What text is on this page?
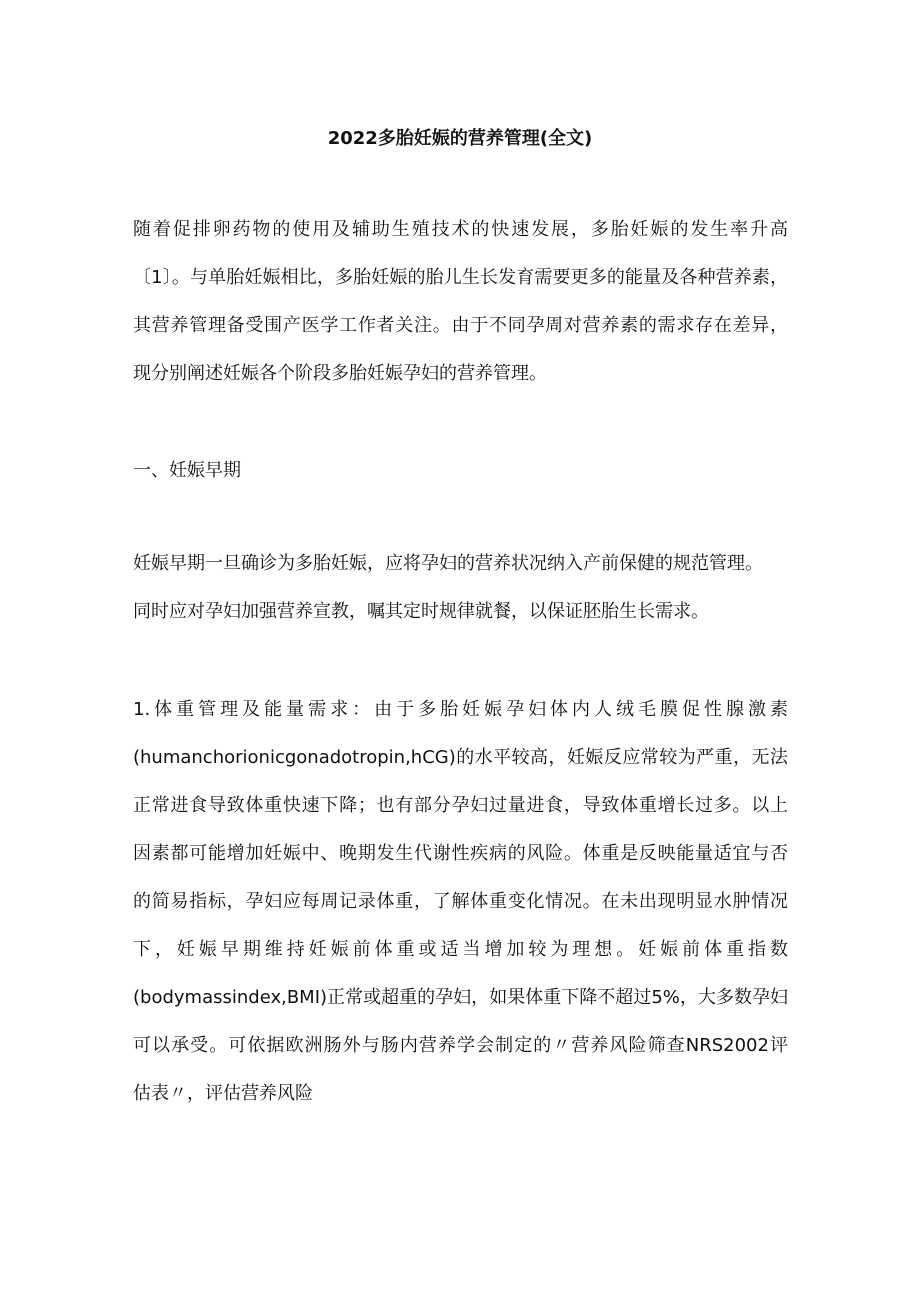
2022多胎妊娠的营养管理(全文)
随着促排卵药物的使用及辅助生殖技术的快速发展，多胎妊娠的发生率升高
〔1〕。与单胎妊娠相比，多胎妊娠的胎儿生长发育需要更多的能量及各种营养素，
其营养管理备受围产医学工作者关注。由于不同孕周对营养素的需求存在差异，
现分别阐述妊娠各个阶段多胎妊娠孕妇的营养管理。
一、妊娠早期
妊娠早期一旦确诊为多胎妊娠，应将孕妇的营养状况纳入产前保健的规范管理。
同时应对孕妇加强营养宣教，嘱其定时规律就餐，以保证胚胎生长需求。
1.体重管理及能量需求：由于多胎妊娠孕妇体内人绒毛膜促性腺激素
(humanchorionicgonadotropin,hCG)的水平较高，妊娠反应常较为严重，无法
正常进食导致体重快速下降；也有部分孕妇过量进食，导致体重增长过多。以上
因素都可能增加妊娠中、晚期发生代谢性疾病的风险。体重是反映能量适宜与否
的简易指标，孕妇应每周记录体重，了解体重变化情况。在未出现明显水肿情况
下，妊娠早期维持妊娠前体重或适当增加较为理想。妊娠前体重指数
(bodymassindex,BMI)正常或超重的孕妇，如果体重下降不超过5%，大多数孕妇
可以承受。可依据欧洲肠外与肠内营养学会制定的〃营养风险筛查NRS2002评
估表〃，评估营养风险
